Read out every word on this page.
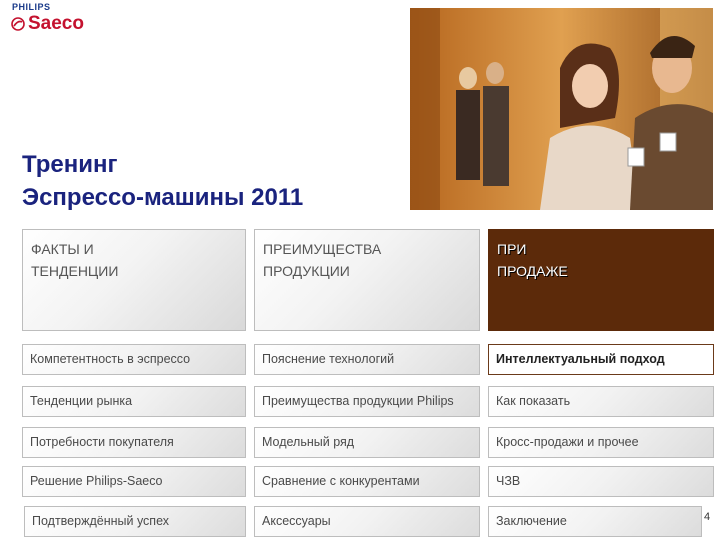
PHILIPS
Saeco
Тренинг
Эспрессо-машины 2011
ФАКТЫ И
ТЕНДЕНЦИИ
ПРЕИМУЩЕСТВА
ПРОДУКЦИИ
ПРИ
ПРОДАЖЕ
Компетентность в эспрессо
Тенденции рынка
Потребности покупателя
Решение Philips-Saeco
Подтверждённый успех
Пояснение технологий
Преимущества продукции Philips
Модельный ряд
Сравнение с конкурентами
Аксессуары
Интеллектуальный подход
Как показать
Кросс-продажи и прочее
ЧЗВ
Заключение	4
